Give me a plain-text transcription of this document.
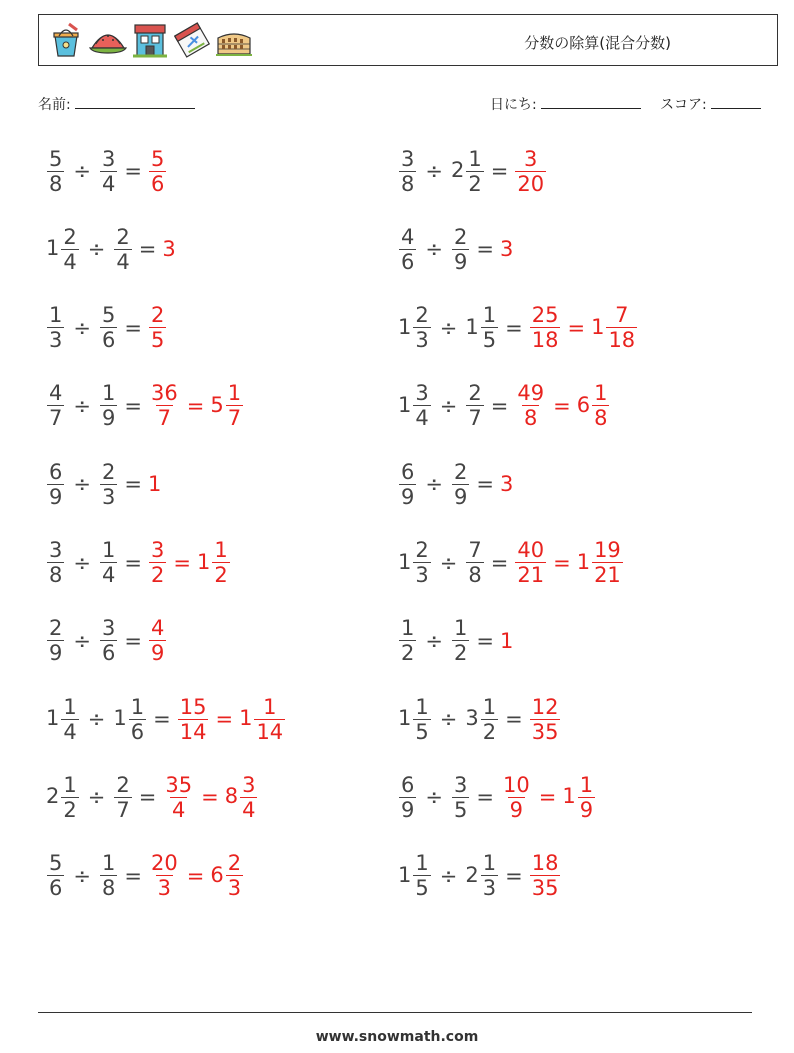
分数の除算(混合分数)
名前:	日にち:	スコア:
$\frac{5}{8} \div \frac{3}{4} = \frac{5}{6}$	$\frac{3}{8} \div 2 \frac{1}{2} = \frac{3}{20}$
$1 \frac{2}{4} \div \frac{2}{4} = 3$	$\frac{4}{6} \div \frac{2}{9} = 3$
$\frac{1}{3} \div \frac{5}{6} = \frac{2}{5}$	$1 \frac{2}{3} \div 1 \frac{1}{5} = \frac{25}{18} = 1 \frac{7}{18}$
$\frac{4}{7} \div \frac{1}{9} = \frac{36}{7} = 5 \frac{1}{7}$	$1 \frac{3}{4} \div \frac{2}{7} = \frac{49}{8} = 6 \frac{1}{8}$
$\frac{6}{9} \div \frac{2}{3} = 1$	$\frac{6}{9} \div \frac{2}{9} = 3$
$\frac{3}{8} \div \frac{1}{4} = \frac{3}{2} = 1 \frac{1}{2}$	$1 \frac{2}{3} \div \frac{7}{8} = \frac{40}{21} = 1 \frac{19}{21}$
$\frac{2}{9} \div \frac{3}{6} = \frac{4}{9}$	$\frac{1}{2} \div \frac{1}{2} = 1$
$1 \frac{1}{4} \div 1 \frac{1}{6} = \frac{15}{14} = 1 \frac{1}{14}$	$1 \frac{1}{5} \div 3 \frac{1}{2} = \frac{12}{35}$
$2 \frac{1}{2} \div \frac{2}{7} = \frac{35}{4} = 8 \frac{3}{4}$	$\frac{6}{9} \div \frac{3}{5} = \frac{10}{9} = 1 \frac{1}{9}$
$\frac{5}{6} \div \frac{1}{8} = \frac{20}{3} = 6 \frac{2}{3}$	$1 \frac{1}{5} \div 2 \frac{1}{3} = \frac{18}{35}$
www.snowmath.com
